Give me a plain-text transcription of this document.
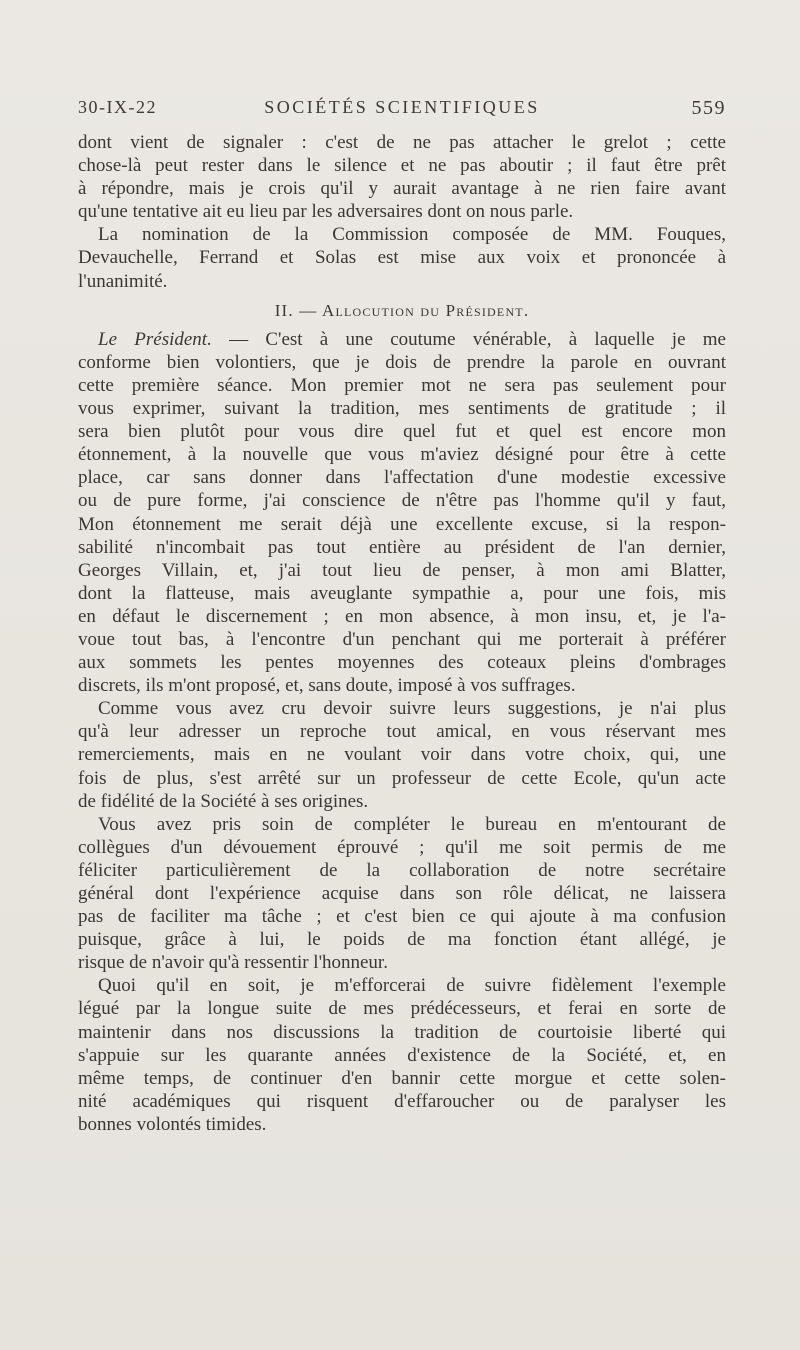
30-IX-22	SOCIÉTÉS SCIENTIFIQUES	559

dont vient de signaler : c'est de ne pas attacher le grelot ; cette

chose-là peut rester dans le silence et ne pas aboutir ; il faut être prêt

à répondre, mais je crois qu'il y aurait avantage à ne rien faire avant

qu'une tentative ait eu lieu par les adversaires dont on nous parle.

La nomination de la Commission composée de MM. Fouques,

Devauchelle, Ferrand et Solas est mise aux voix et prononcée à

l'unanimité.

II. — Allocution du Président.

Le Président. — C'est à une coutume vénérable, à laquelle je me

conforme bien volontiers, que je dois de prendre la parole en ouvrant

cette première séance. Mon premier mot ne sera pas seulement pour

vous exprimer, suivant la tradition, mes sentiments de gratitude ; il

sera bien plutôt pour vous dire quel fut et quel est encore mon

étonnement, à la nouvelle que vous m'aviez désigné pour être à cette

place, car sans donner dans l'affectation d'une modestie excessive

ou de pure forme, j'ai conscience de n'être pas l'homme qu'il y faut,

Mon étonnement me serait déjà une excellente excuse, si la respon-

sabilité n'incombait pas tout entière au président de l'an dernier,

Georges Villain, et, j'ai tout lieu de penser, à mon ami Blatter,

dont la flatteuse, mais aveuglante sympathie a, pour une fois, mis

en défaut le discernement ; en mon absence, à mon insu, et, je l'a-

voue tout bas, à l'encontre d'un penchant qui me porterait à préférer

aux sommets les pentes moyennes des coteaux pleins d'ombrages

discrets, ils m'ont proposé, et, sans doute, imposé à vos suffrages.

Comme vous avez cru devoir suivre leurs suggestions, je n'ai plus

qu'à leur adresser un reproche tout amical, en vous réservant mes

remerciements, mais en ne voulant voir dans votre choix, qui, une

fois de plus, s'est arrêté sur un professeur de cette Ecole, qu'un acte

de fidélité de la Société à ses origines.

Vous avez pris soin de compléter le bureau en m'entourant de

collègues d'un dévouement éprouvé ; qu'il me soit permis de me

féliciter particulièrement de la collaboration de notre secrétaire

général dont l'expérience acquise dans son rôle délicat, ne laissera

pas de faciliter ma tâche ; et c'est bien ce qui ajoute à ma confusion

puisque, grâce à lui, le poids de ma fonction étant allégé, je

risque de n'avoir qu'à ressentir l'honneur.

Quoi qu'il en soit, je m'efforcerai de suivre fidèlement l'exemple

légué par la longue suite de mes prédécesseurs, et ferai en sorte de

maintenir dans nos discussions la tradition de courtoisie liberté qui

s'appuie sur les quarante années d'existence de la Société, et, en

même temps, de continuer d'en bannir cette morgue et cette solen-

nité académiques qui risquent d'effaroucher ou de paralyser les

bonnes volontés timides.
